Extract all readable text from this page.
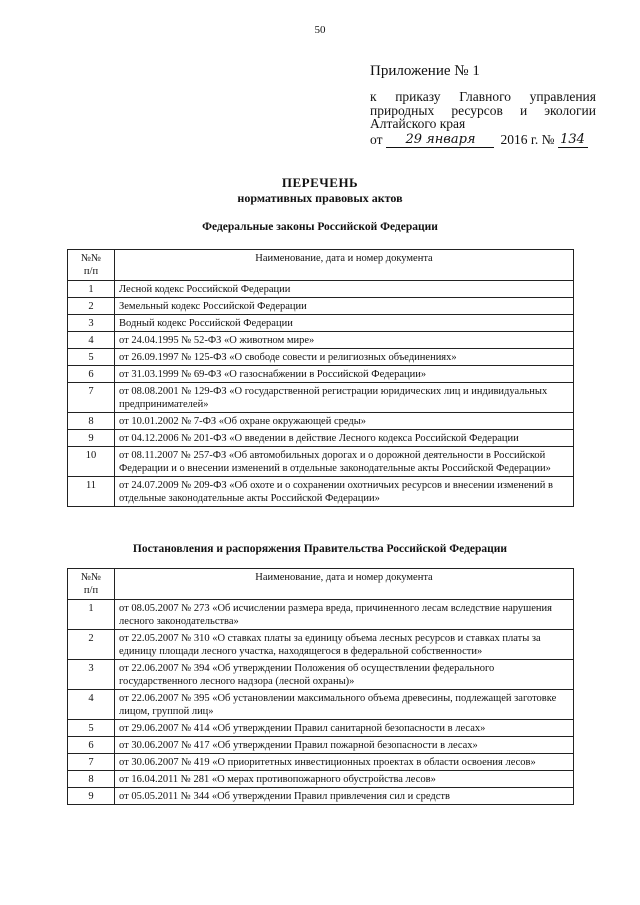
50
Приложение № 1
к приказу Главного управления
природных ресурсов и экологии
Алтайского края
от	29 января	2016 г. № 134
ПЕРЕЧЕНЬ
нормативных правовых актов
Федеральные законы Российской Федерации
№№
п/п	Наименование, дата и номер документа
1	Лесной кодекс Российской Федерации
2	Земельный кодекс Российской Федерации
3	Водный кодекс Российской Федерации
4	от 24.04.1995 № 52-ФЗ «О животном мире»
5	от 26.09.1997 № 125-ФЗ «О свободе совести и религиозных объединениях»
6	от 31.03.1999 № 69-ФЗ «О газоснабжении в Российской Федерации»
7	от 08.08.2001 № 129-ФЗ «О государственной регистрации юридических лиц и индивидуальных предпринимателей»
8	от 10.01.2002 № 7-ФЗ «Об охране окружающей среды»
9	от 04.12.2006 № 201-ФЗ «О введении в действие Лесного кодекса Российской Федерации
10	от 08.11.2007 № 257-ФЗ «Об автомобильных дорогах и о дорожной деятельности в Российской Федерации и о внесении изменений в отдельные законодательные акты Российской Федерации»
11	от 24.07.2009 № 209-ФЗ «Об охоте и о сохранении охотничьих ресурсов и внесении изменений в отдельные законодательные акты Российской Федерации»
Постановления и распоряжения Правительства Российской Федерации
№№
п/п	Наименование, дата и номер документа
1	от 08.05.2007 № 273 «Об исчислении размера вреда, причиненного лесам вследствие нарушения лесного законодательства»
2	от 22.05.2007 № 310 «О ставках платы за единицу объема лесных ресурсов и ставках платы за единицу площади лесного участка, находящегося в федеральной собственности»
3	от 22.06.2007 № 394 «Об утверждении Положения об осуществлении федерального государственного лесного надзора (лесной охраны)»
4	от 22.06.2007 № 395 «Об установлении максимального объема древесины, подлежащей заготовке лицом, группой лиц»
5	от 29.06.2007 № 414 «Об утверждении Правил санитарной безопасности в лесах»
6	от 30.06.2007 № 417 «Об утверждении Правил пожарной безопасности в лесах»
7	от 30.06.2007 № 419 «О приоритетных инвестиционных проектах в области освоения лесов»
8	от 16.04.2011 № 281 «О мерах противопожарного обустройства лесов»
9	от 05.05.2011 № 344 «Об утверждении Правил привлечения сил и средств
